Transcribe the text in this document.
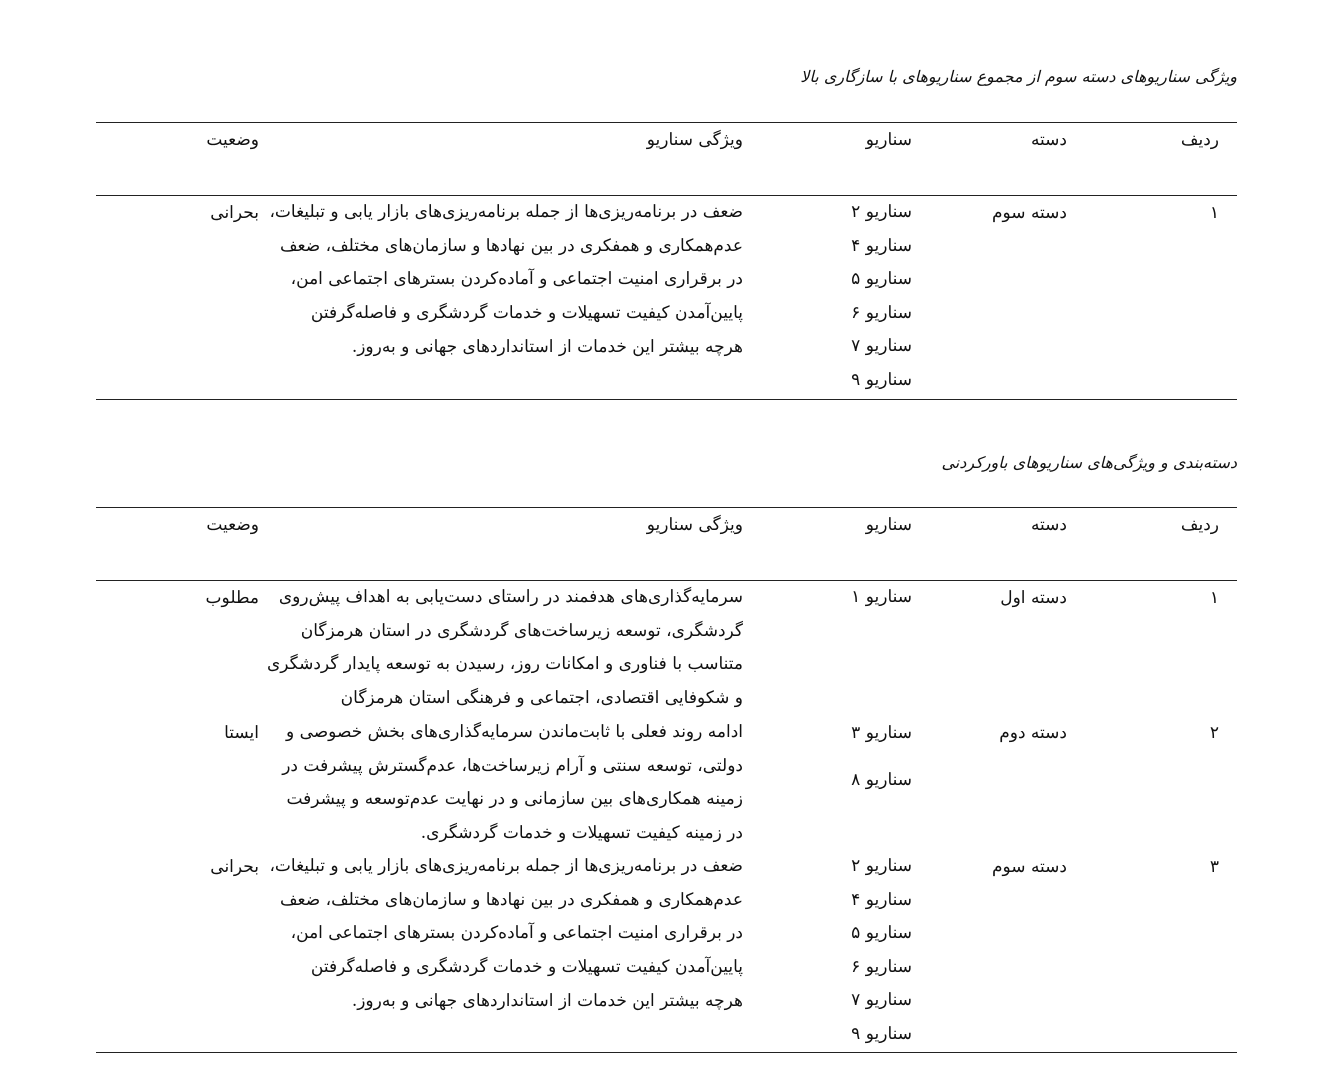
ویژگی سناریوهای دسته سوم از مجموع سناریوهای با سازگاری بالا
ردیف
دسته
سناریو
ویژگی سناریو
وضعیت
۱
دسته سوم
سناریو ۲
سناریو ۴
سناریو ۵
سناریو ۶
سناریو ۷
سناریو ۹
ضعف در برنامه‌ریزی‌ها از جمله برنامه‌ریزی‌های بازار یابی و تبلیغات،
عدم‌همکاری و همفکری در بین نهادها و سازمان‌های مختلف، ضعف
در برقراری امنیت اجتماعی و آماده‌کردن بسترهای اجتماعی امن،
پایین‌آمدن کیفیت تسهیلات و خدمات گردشگری و فاصله‌گرفتن
هرچه بیشتر این خدمات از استانداردهای جهانی و به‌روز.
بحرانی
دسته‌بندی و ویژگی‌های سناریوهای باورکردنی
ردیف
دسته
سناریو
ویژگی سناریو
وضعیت
۱
دسته اول
سناریو ۱
سرمایه‌گذاری‌های هدفمند در راستای دست‌یابی به اهداف پیش‌روی
گردشگری، توسعه زیرساخت‌های گردشگری در استان هرمزگان
متناسب با فناوری و امکانات روز، رسیدن به توسعه پایدار گردشگری
و شکوفایی اقتصادی، اجتماعی و فرهنگی استان هرمزگان
مطلوب
۲
دسته دوم
سناریو ۳
سناریو ۸
ادامه روند فعلی با ثابت‌ماندن سرمایه‌گذاری‌های بخش خصوصی و
دولتی، توسعه سنتی و آرام زیرساخت‌ها، عدم‌گسترش پیشرفت در
زمینه همکاری‌های بین سازمانی و در نهایت عدم‌توسعه و پیشرفت
در زمینه کیفیت تسهیلات و خدمات گردشگری.
ایستا
۳
دسته سوم
سناریو ۲
سناریو ۴
سناریو ۵
سناریو ۶
سناریو ۷
سناریو ۹
ضعف در برنامه‌ریزی‌ها از جمله برنامه‌ریزی‌های بازار یابی و تبلیغات،
عدم‌همکاری و همفکری در بین نهادها و سازمان‌های مختلف، ضعف
در برقراری امنیت اجتماعی و آماده‌کردن بسترهای اجتماعی امن،
پایین‌آمدن کیفیت تسهیلات و خدمات گردشگری و فاصله‌گرفتن
هرچه بیشتر این خدمات از استانداردهای جهانی و به‌روز.
بحرانی
